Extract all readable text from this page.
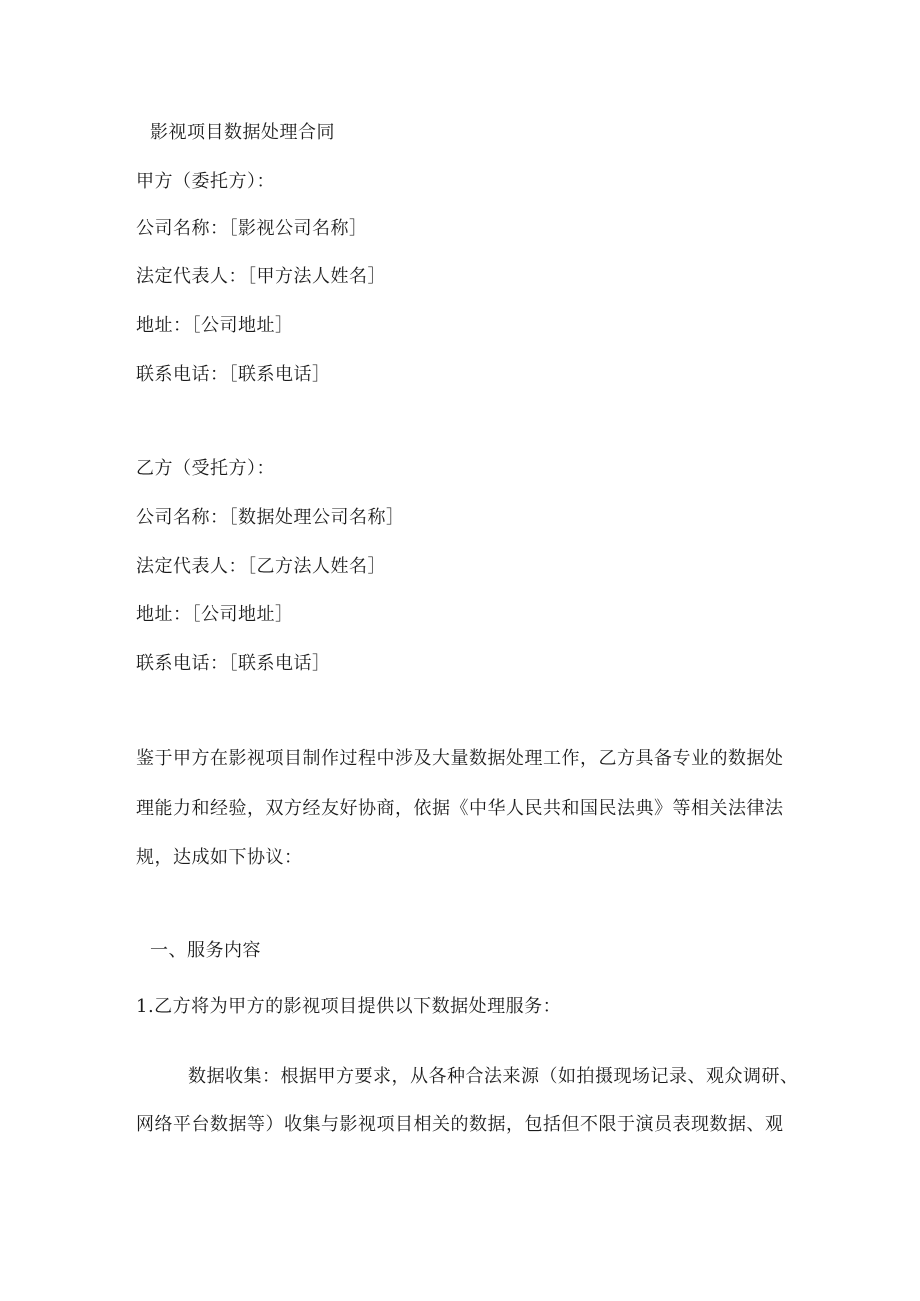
影视项目数据处理合同
甲方（委托方）：
公司名称：［影视公司名称］
法定代表人：［甲方法人姓名］
地址：［公司地址］
联系电话：［联系电话］
乙方（受托方）：
公司名称：［数据处理公司名称］
法定代表人：［乙方法人姓名］
地址：［公司地址］
联系电话：［联系电话］
鉴于甲方在影视项目制作过程中涉及大量数据处理工作，乙方具备专业的数据处
理能力和经验，双方经友好协商，依据《中华人民共和国民法典》等相关法律法
规，达成如下协议：
一、服务内容
1.乙方将为甲方的影视项目提供以下数据处理服务：
数据收集：根据甲方要求，从各种合法来源（如拍摄现场记录、观众调研、
网络平台数据等）收集与影视项目相关的数据，包括但不限于演员表现数据、观
